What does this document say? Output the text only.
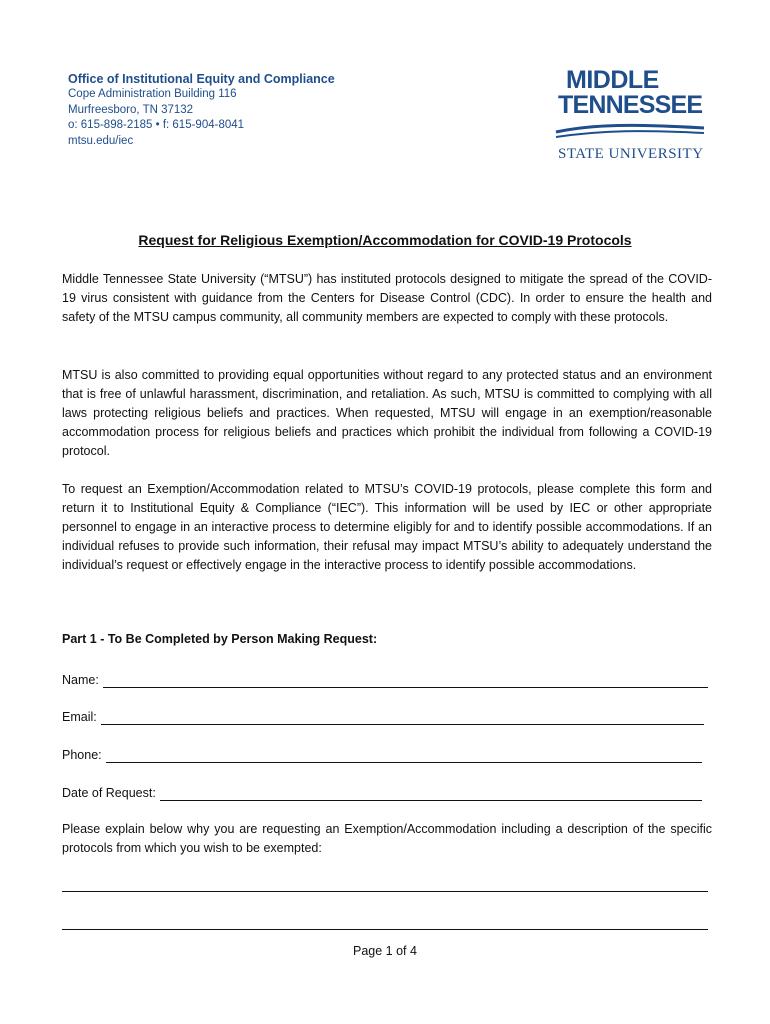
Office of Institutional Equity and Compliance
Cope Administration Building 116
Murfreesboro, TN 37132
o: 615-898-2185 • f: 615-904-8041
mtsu.edu/iec
MIDDLE
TENNESSEE
STATE UNIVERSITY
Request for Religious Exemption/Accommodation for COVID-19 Protocols

Middle Tennessee State University (“MTSU”) has instituted protocols designed to mitigate the spread of the COVID-19 virus consistent with guidance from the Centers for Disease Control (CDC). In order to ensure the health and safety of the MTSU campus community, all community members are expected to comply with these protocols.

MTSU is also committed to providing equal opportunities without regard to any protected status and an environment that is free of unlawful harassment, discrimination, and retaliation. As such, MTSU is committed to complying with all laws protecting religious beliefs and practices. When requested, MTSU will engage in an exemption/reasonable accommodation process for religious beliefs and practices which prohibit the individual from following a COVID-19 protocol.

To request an Exemption/Accommodation related to MTSU’s COVID-19 protocols, please complete this form and return it to Institutional Equity & Compliance (“IEC”). This information will be used by IEC or other appropriate personnel to engage in an interactive process to determine eligibly for and to identify possible accommodations. If an individual refuses to provide such information, their refusal may impact MTSU’s ability to adequately understand the individual’s request or effectively engage in the interactive process to identify possible accommodations.

Part 1 - To Be Completed by Person Making Request:
Name:
Email:
Phone:
Date of Request:

Please explain below why you are requesting an Exemption/Accommodation including a description of the specific protocols from which you wish to be exempted:

Page 1 of 4
